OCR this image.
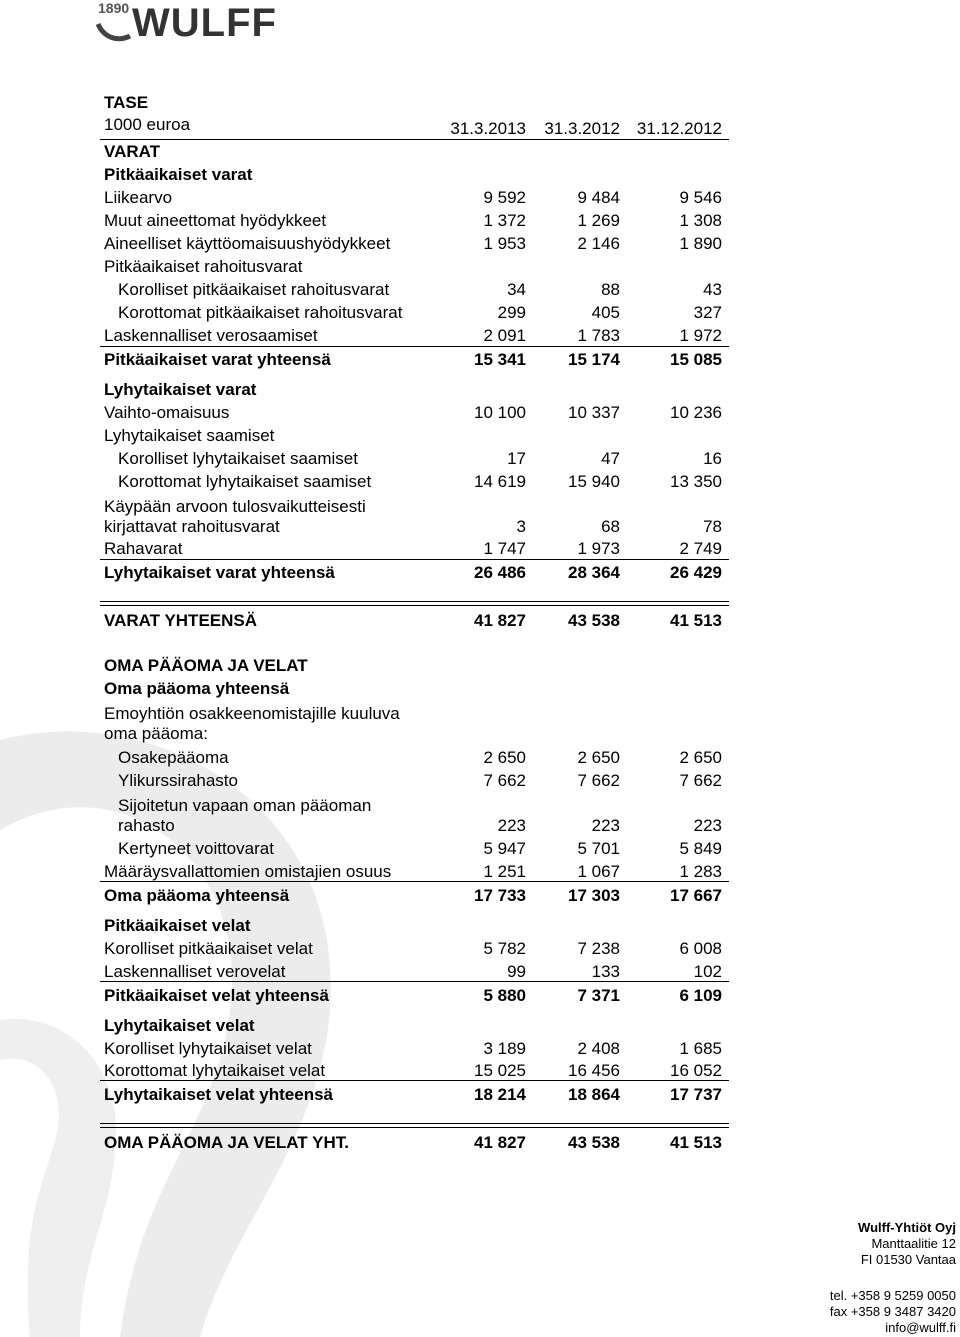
1890 WULFF
TASE
1000 euroa	31.3.2013	31.3.2012 31.12.2012
VARAT
Pitkäaikaiset varat
Liikearvo	9 592	9 484	9 546
Muut aineettomat hyödykkeet	1 372	1 269	1 308
Aineelliset käyttöomaisuushyödykkeet	1 953	2 146	1 890
Pitkäaikaiset rahoitusvarat
Korolliset pitkäaikaiset rahoitusvarat	34	88	43
Korottomat pitkäaikaiset rahoitusvarat	299	405	327
Laskennalliset verosaamiset	2 091	1 783	1 972
Pitkäaikaiset varat yhteensä	15 341	15 174	15 085
Lyhytaikaiset varat
Vaihto-omaisuus	10 100	10 337	10 236
Lyhytaikaiset saamiset
Korolliset lyhytaikaiset saamiset	17	47	16
Korottomat lyhytaikaiset saamiset	14 619	15 940	13 350
Käypään arvoon tulosvaikutteisesti
kirjattavat rahoitusvarat	3	68	78
Rahavarat	1 747	1 973	2 749
Lyhytaikaiset varat yhteensä	26 486	28 364	26 429
VARAT YHTEENSÄ	41 827	43 538	41 513
OMA PÄÄOMA JA VELAT
Oma pääoma yhteensä
Emoyhtiön osakkeenomistajille kuuluva
oma pääoma:
Osakepääoma	2 650	2 650	2 650
Ylikurssirahasto	7 662	7 662	7 662
Sijoitetun vapaan oman pääoman
rahasto	223	223	223
Kertyneet voittovarat	5 947	5 701	5 849
Määräysvallattomien omistajien osuus	1 251	1 067	1 283
Oma pääoma yhteensä	17 733	17 303	17 667
Pitkäaikaiset velat
Korolliset pitkäaikaiset velat	5 782	7 238	6 008
Laskennalliset verovelat	99	133	102
Pitkäaikaiset velat yhteensä	5 880	7 371	6 109
Lyhytaikaiset velat
Korolliset lyhytaikaiset velat	3 189	2 408	1 685
Korottomat lyhytaikaiset velat	15 025	16 456	16 052
Lyhytaikaiset velat yhteensä	18 214	18 864	17 737
OMA PÄÄOMA JA VELAT YHT.	41 827	43 538	41 513
Wulff-Yhtiöt Oyj
Manttaalitie 12
FI 01530 Vantaa
tel. +358 9 5259 0050
fax +358 9 3487 3420
info@wulff.fi
